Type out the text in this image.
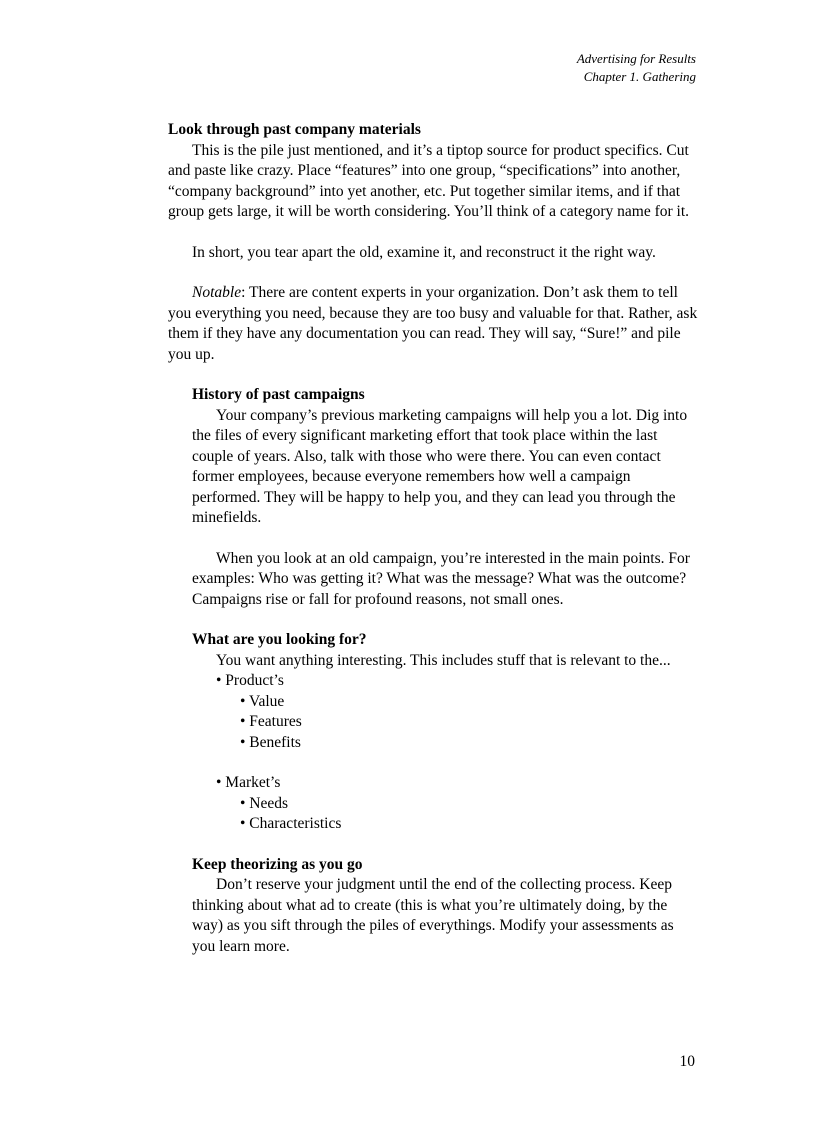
Advertising for Results
Chapter 1. Gathering

Look through past company materials

This is the pile just mentioned, and it’s a tiptop source for product specifics. Cut and paste like crazy. Place “features” into one group, “specifications” into another, “company background” into yet another, etc. Put together similar items, and if that group gets large, it will be worth considering. You’ll think of a category name for it.

In short, you tear apart the old, examine it, and reconstruct it the right way.

Notable: There are content experts in your organization. Don’t ask them to tell you everything you need, because they are too busy and valuable for that. Rather, ask them if they have any documentation you can read. They will say, “Sure!” and pile you up.

History of past campaigns

Your company’s previous marketing campaigns will help you a lot. Dig into the files of every significant marketing effort that took place within the last couple of years. Also, talk with those who were there. You can even contact former employees, because everyone remembers how well a campaign performed. They will be happy to help you, and they can lead you through the minefields.

When you look at an old campaign, you’re interested in the main points. For examples: Who was getting it? What was the message? What was the outcome? Campaigns rise or fall for profound reasons, not small ones.

What are you looking for?

You want anything interesting. This includes stuff that is relevant to the...

• Product’s

• Value

• Features

• Benefits

• Market’s

• Needs

• Characteristics

Keep theorizing as you go

Don’t reserve your judgment until the end of the collecting process. Keep thinking about what ad to create (this is what you’re ultimately doing, by the way) as you sift through the piles of everythings. Modify your assessments as you learn more.

10
